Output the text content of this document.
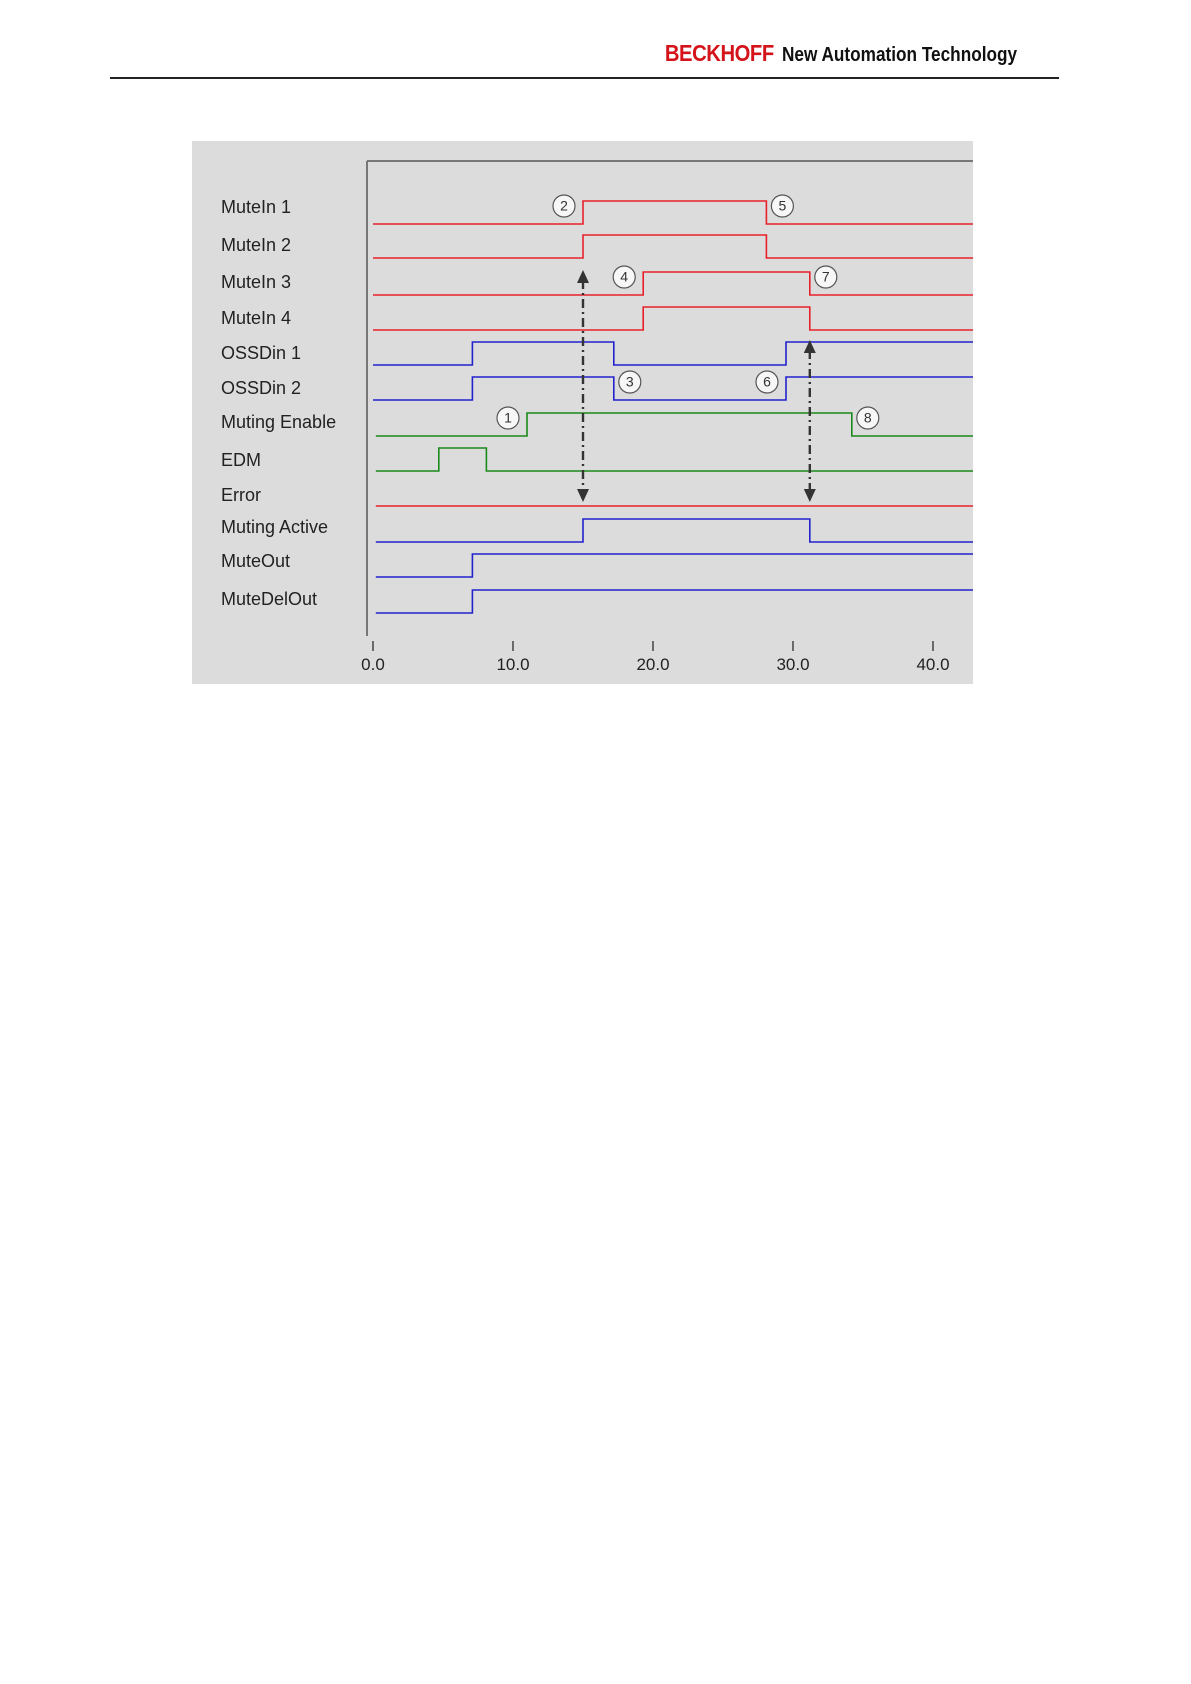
BECKHOFF New Automation Technology
0.0	10.0	20.0	30.0	40.0
MuteIn 1
MuteIn 2
MuteIn 3
MuteIn 4
OSSDin 1
OSSDin 2
Muting Enable
EDM
Error
Muting Active
MuteOut
MuteDelOut
1
2
3
4
5
6
7
8
